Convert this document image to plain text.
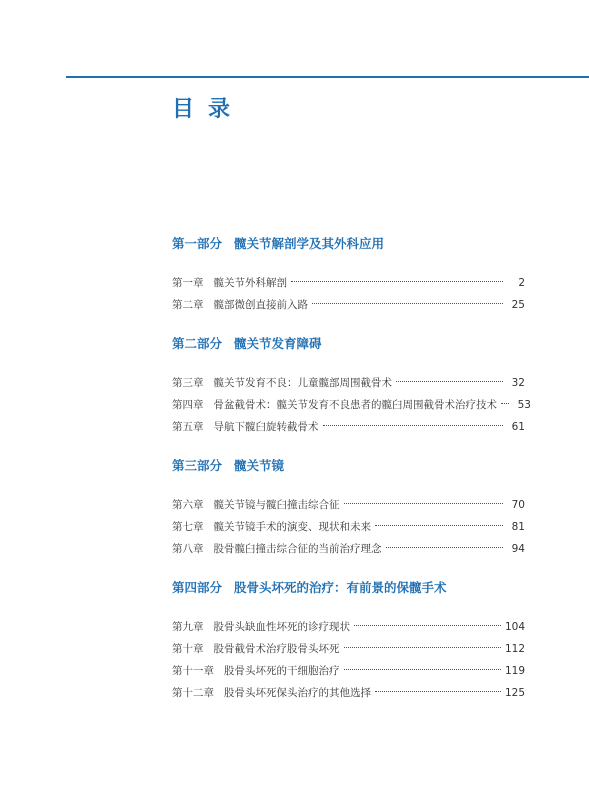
目录
第一部分 髋关节解剖学及其外科应用
第一章 髋关节外科解剖	2
第二章 髋部微创直接前入路	25
第二部分 髋关节发育障碍
第三章 髋关节发育不良：儿童髋部周围截骨术	32
第四章 骨盆截骨术：髋关节发育不良患者的髋臼周围截骨术治疗技术	53
第五章 导航下髋臼旋转截骨术	61
第三部分 髋关节镜
第六章 髋关节镜与髋臼撞击综合征	70
第七章 髋关节镜手术的演变、现状和未来	81
第八章 股骨髋臼撞击综合征的当前治疗理念	94
第四部分 股骨头坏死的治疗：有前景的保髋手术
第九章 股骨头缺血性坏死的诊疗现状	104
第十章 股骨截骨术治疗股骨头坏死	112
第十一章 股骨头坏死的干细胞治疗	119
第十二章 股骨头坏死保头治疗的其他选择	125
